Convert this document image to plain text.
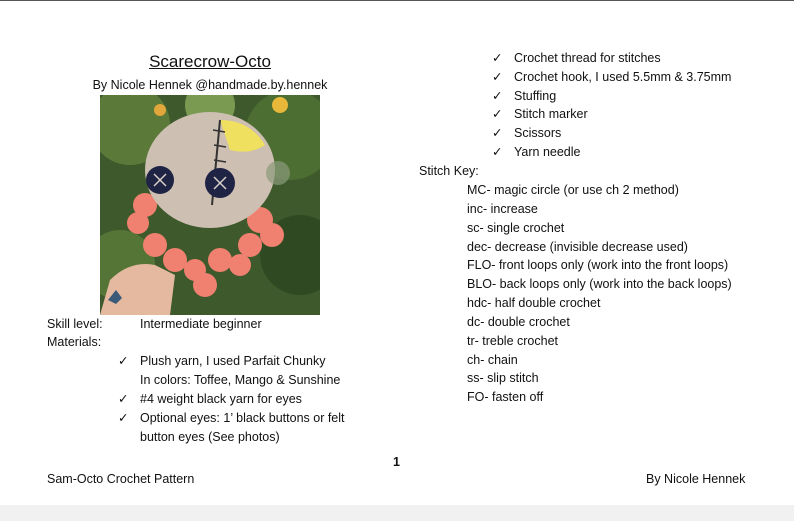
Scarecrow-Octo
By Nicole Hennek @handmade.by.hennek
Skill level:	Intermediate beginner
Materials:
✓ Plush yarn, I used Parfait Chunky
In colors: Toffee, Mango & Sunshine
✓ #4 weight black yarn for eyes
✓ Optional eyes: 1’ black buttons or felt
button eyes (See photos)
✓ Crochet thread for stitches
✓ Crochet hook, I used 5.5mm & 3.75mm
✓ Stuffing
✓ Stitch marker
✓ Scissors
✓ Yarn needle
Stitch Key:
MC- magic circle (or use ch 2 method)
inc- increase
sc- single crochet
dec- decrease (invisible decrease used)
FLO- front loops only (work into the front loops)
BLO- back loops only (work into the back loops)
hdc- half double crochet
dc- double crochet
tr- treble crochet
ch- chain
ss- slip stitch
FO- fasten off
1
Sam-Octo Crochet Pattern	By Nicole Hennek
